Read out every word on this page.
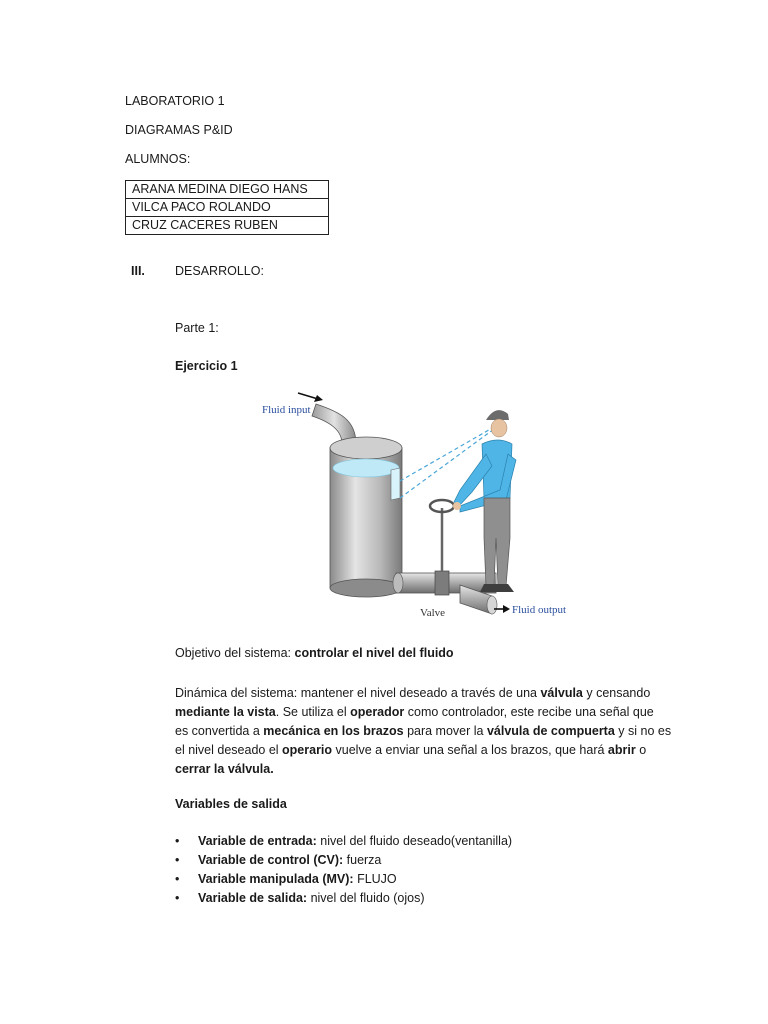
LABORATORIO 1
DIAGRAMAS P&ID
ALUMNOS:
ARANA MEDINA DIEGO HANS
VILCA PACO ROLANDO
CRUZ CACERES RUBEN
III. DESARROLLO:
Parte 1:
Ejercicio 1
Fluid input
Valve	Fluid output
Objetivo del sistema: controlar el nivel del fluido
Dinámica del sistema: mantener el nivel deseado a través de una válvula y censando
mediante la vista. Se utiliza el operador como controlador, este recibe una señal que
es convertida a mecánica en los brazos para mover la válvula de compuerta y si no es
el nivel deseado el operario vuelve a enviar una señal a los brazos, que hará abrir o
cerrar la válvula.
Variables de salida
• Variable de entrada: nivel del fluido deseado(ventanilla)
• Variable de control (CV): fuerza
• Variable manipulada (MV): FLUJO
• Variable de salida: nivel del fluido (ojos)
